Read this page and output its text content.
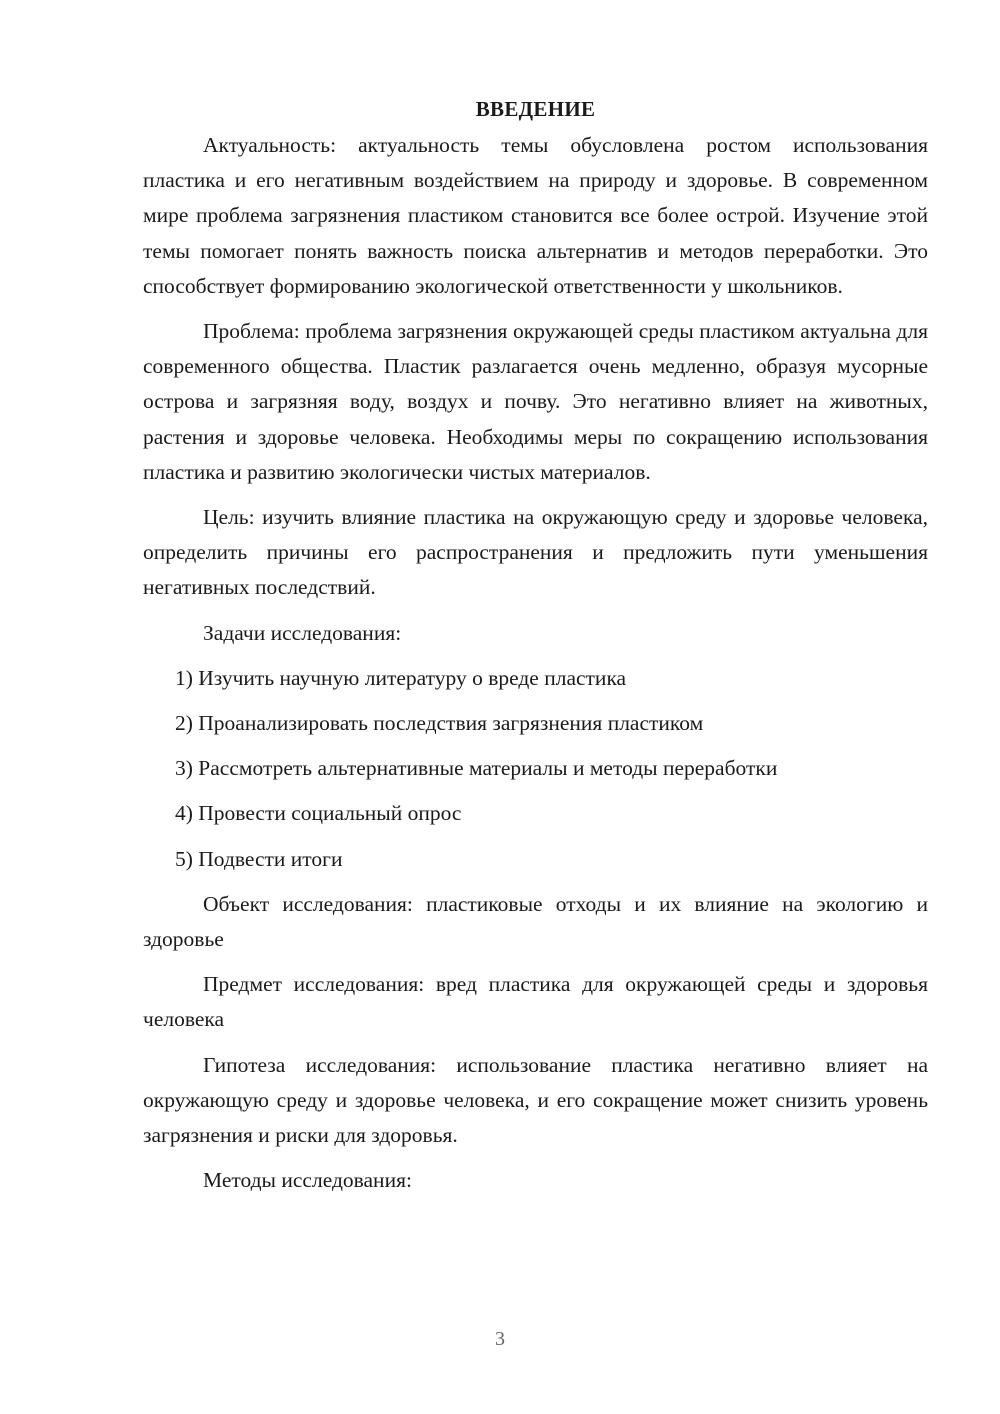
ВВЕДЕНИЕ

Актуальность: актуальность темы обусловлена ростом использования пластика и его негативным воздействием на природу и здоровье. В современном мире проблема загрязнения пластиком становится все более острой. Изучение этой темы помогает понять важность поиска альтернатив и методов переработки. Это способствует формированию экологической ответственности у школьников.

Проблема: проблема загрязнения окружающей среды пластиком актуальна для современного общества. Пластик разлагается очень медленно, образуя мусорные острова и загрязняя воду, воздух и почву. Это негативно влияет на животных, растения и здоровье человека. Необходимы меры по сокращению использования пластика и развитию экологически чистых материалов.

Цель: изучить влияние пластика на окружающую среду и здоровье человека, определить причины его распространения и предложить пути уменьшения негативных последствий.

Задачи исследования:

1) Изучить научную литературу о вреде пластика
2) Проанализировать последствия загрязнения пластиком
3) Рассмотреть альтернативные материалы и методы переработки
4) Провести социальный опрос
5) Подвести итоги

Объект исследования: пластиковые отходы и их влияние на экологию и здоровье

Предмет исследования: вред пластика для окружающей среды и здоровья человека

Гипотеза исследования: использование пластика негативно влияет на окружающую среду и здоровье человека, и его сокращение может снизить уровень загрязнения и риски для здоровья.

Методы исследования:

3
